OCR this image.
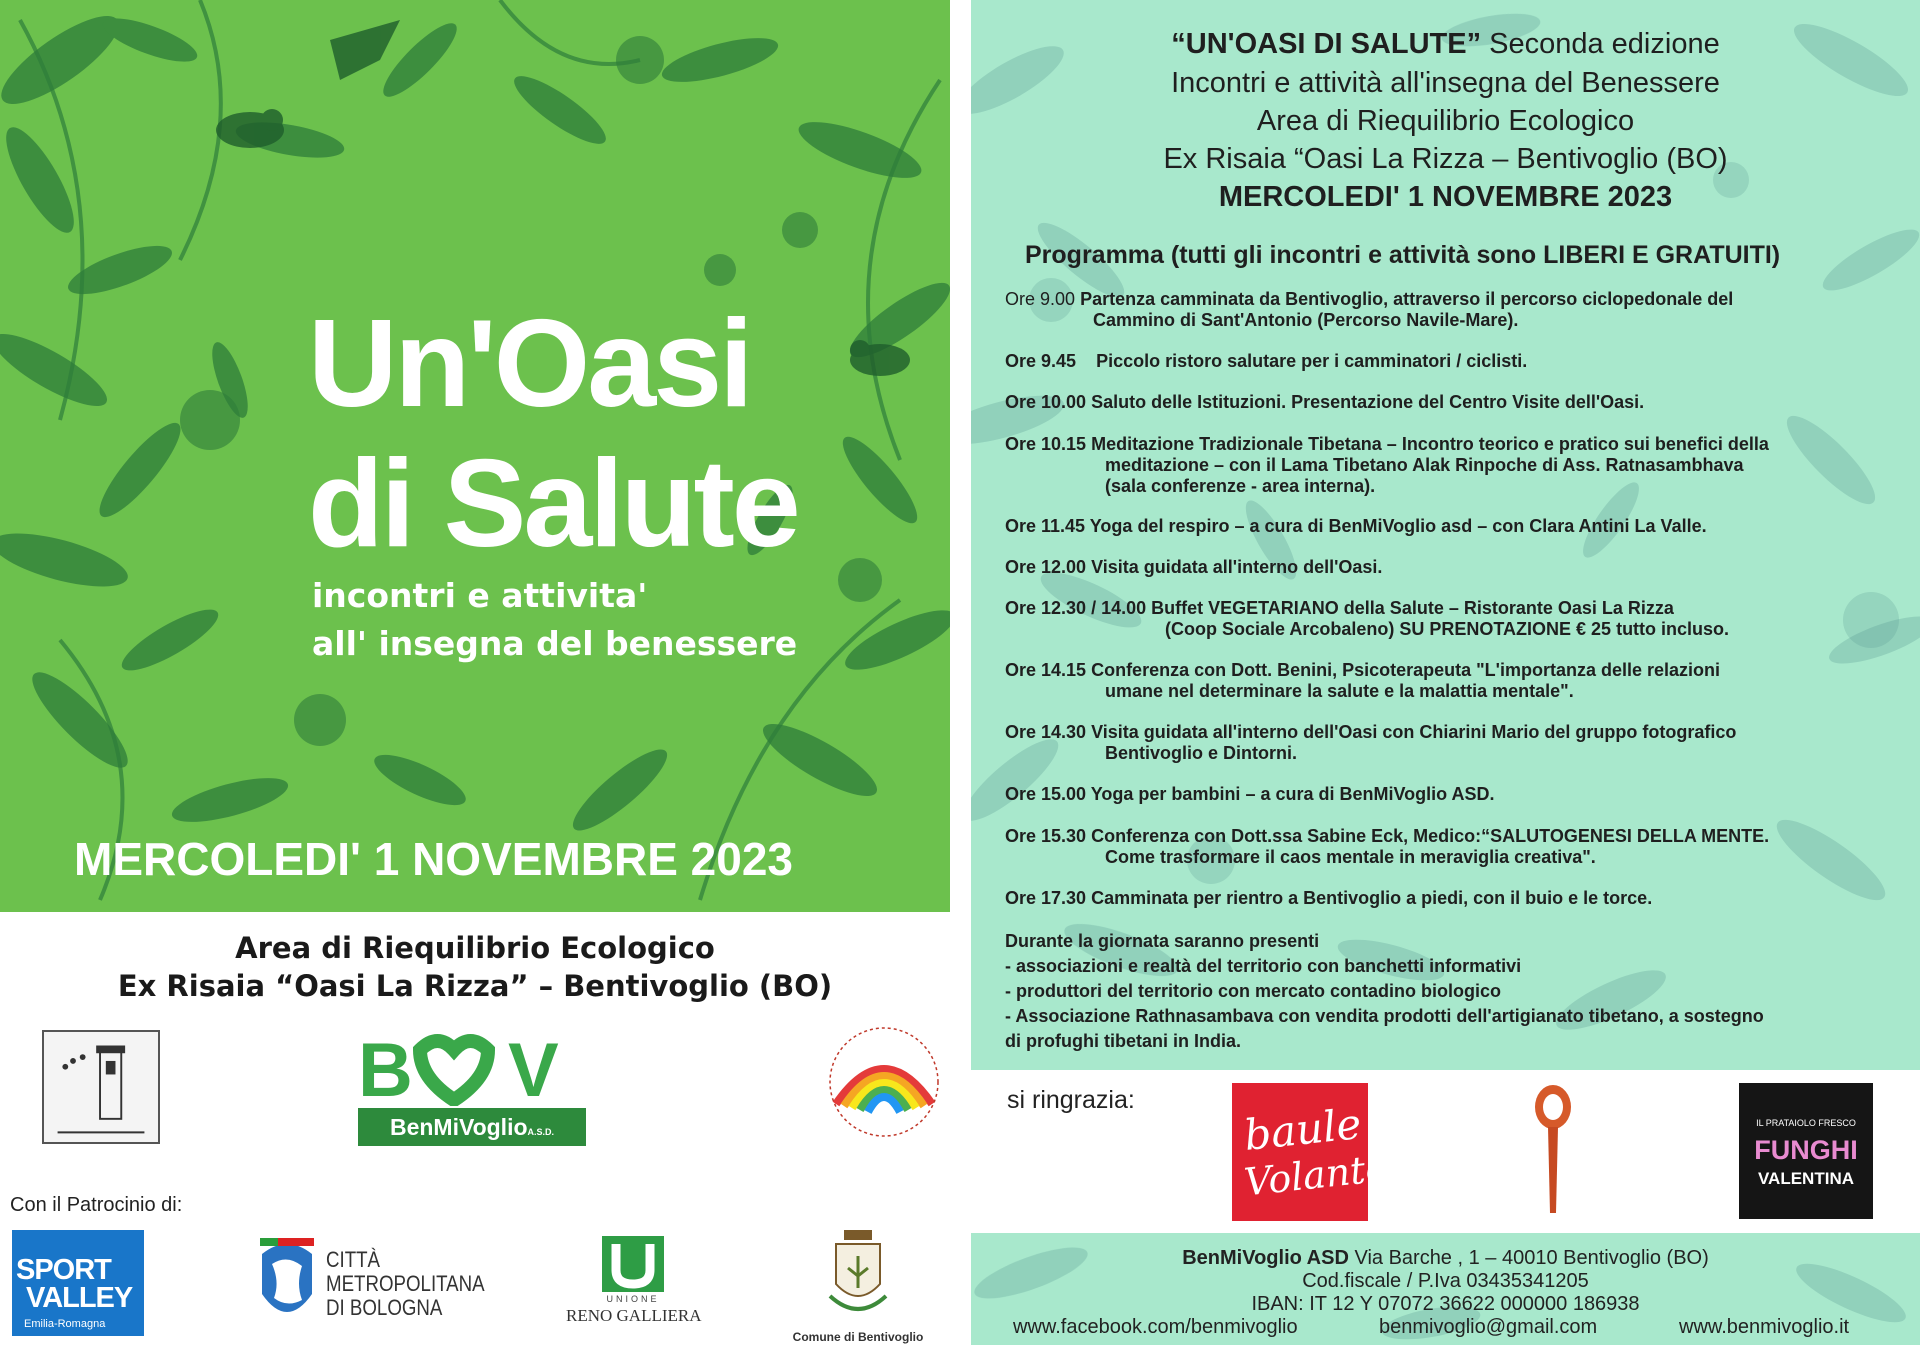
Un'Oasi
di Salute
incontri e attivita'
all' insegna del benessere
MERCOLEDI' 1 NOVEMBRE 2023
Area di Riequilibrio Ecologico
Ex Risaia “Oasi La Rizza” – Bentivoglio (BO)
B V
BenMiVoglioA.S.D.
Con il Patrocinio di:
SPORT
VALLEY
Emilia-Romagna
CITTÀ
METROPOLITANA
DI BOLOGNA	UNIONE
RENO GALLIERA
Comune di Bentivoglio
“UN'OASI DI SALUTE” Seconda edizione
Incontri e attività all'insegna del Benessere
Area di Riequilibrio Ecologico
Ex Risaia “Oasi La Rizza – Bentivoglio (BO)
MERCOLEDI' 1 NOVEMBRE 2023
Programma (tutti gli incontri e attività sono LIBERI E GRATUITI)
Ore 9.00 Partenza camminata da Bentivoglio, attraverso il percorso ciclopedonale del
Cammino di Sant'Antonio (Percorso Navile-Mare).
Ore 9.45 Piccolo ristoro salutare per i camminatori / ciclisti.
Ore 10.00 Saluto delle Istituzioni. Presentazione del Centro Visite dell'Oasi.
Ore 10.15 Meditazione Tradizionale Tibetana – Incontro teorico e pratico sui benefici della
meditazione – con il Lama Tibetano Alak Rinpoche di Ass. Ratnasambhava
(sala conferenze - area interna).
Ore 11.45 Yoga del respiro – a cura di BenMiVoglio asd – con Clara Antini La Valle.
Ore 12.00 Visita guidata all'interno dell'Oasi.
Ore 12.30 / 14.00 Buffet VEGETARIANO della Salute – Ristorante Oasi La Rizza
(Coop Sociale Arcobaleno) SU PRENOTAZIONE € 25 tutto incluso.
Ore 14.15 Conferenza con Dott. Benini, Psicoterapeuta "L'importanza delle relazioni
umane nel determinare la salute e la malattia mentale".
Ore 14.30 Visita guidata all'interno dell'Oasi con Chiarini Mario del gruppo fotografico
Bentivoglio e Dintorni.
Ore 15.00 Yoga per bambini – a cura di BenMiVoglio ASD.
Ore 15.30 Conferenza con Dott.ssa Sabine Eck, Medico:“SALUTOGENESI DELLA MENTE.
Come trasformare il caos mentale in meraviglia creativa".
Ore 17.30 Camminata per rientro a Bentivoglio a piedi, con il buio e le torce.
Durante la giornata saranno presenti
- associazioni e realtà del territorio con banchetti informativi
- produttori del territorio con mercato contadino biologico
- Associazione Rathnasambava con vendita prodotti dell'artigianato tibetano, a sostegno
di profughi tibetani in India.
si ringrazia:	baule
Volante
IL PRATAIOLO FRESCO
FUNGHI
VALENTINA
BenMiVoglio ASD Via Barche , 1 – 40010 Bentivoglio (BO)
Cod.fiscale / P.Iva 03435341205
IBAN: IT 12 Y 07072 36622 000000 186938
www.facebook.com/benmivoglio	benmivoglio@gmail.com	www.benmivoglio.it
